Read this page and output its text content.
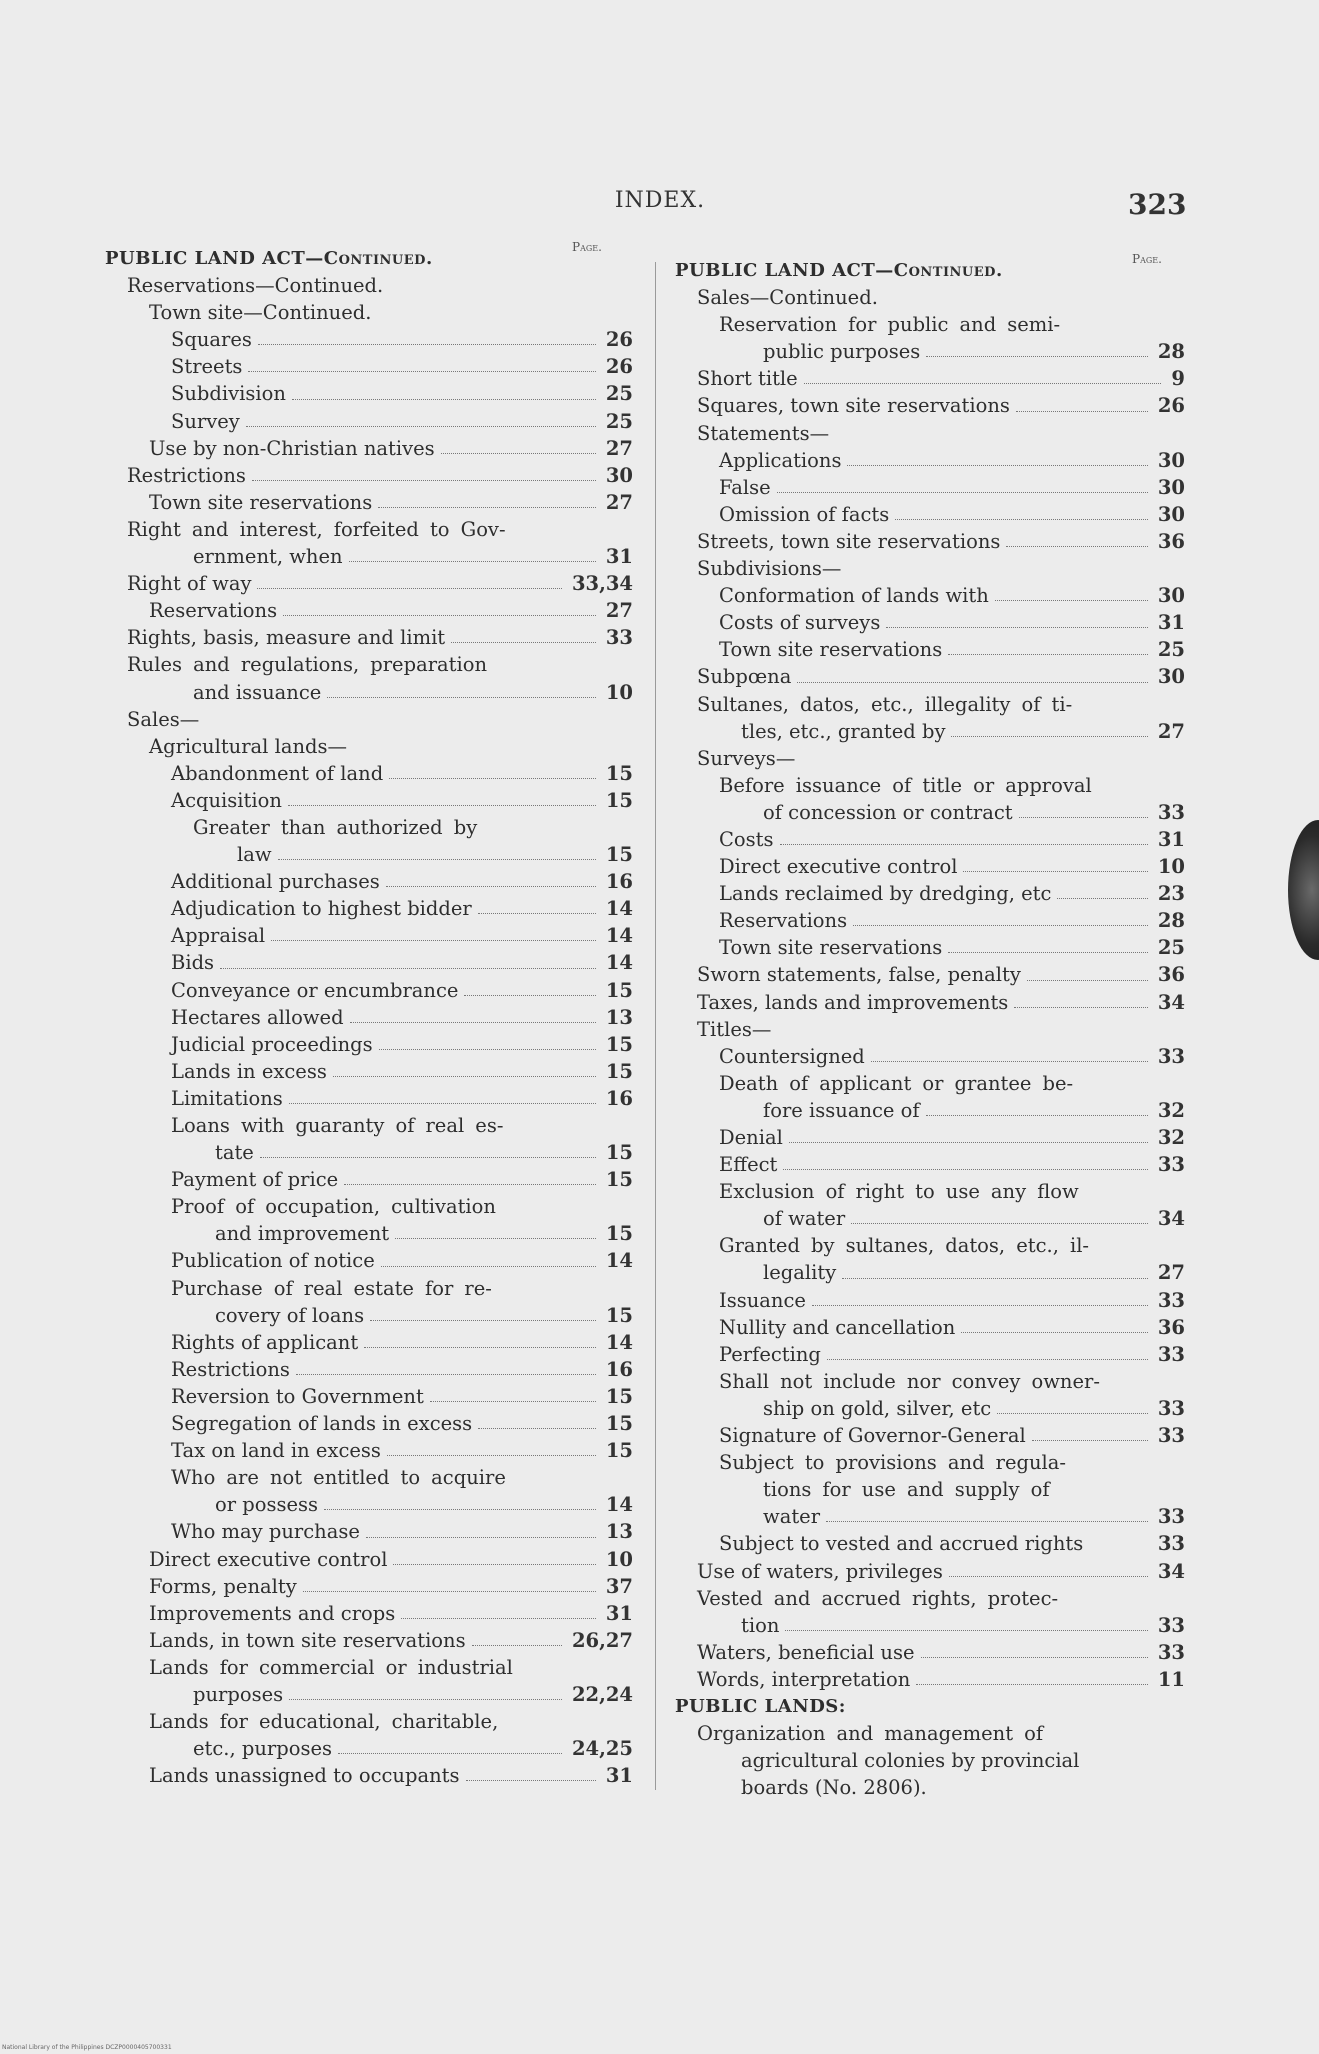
INDEX.	323
Page.
Page.
PUBLIC LAND ACT—Continued.
Reservations—Continued.
Town site—Continued.
Squares	26
Streets	26
Subdivision	25
Survey	25
Use by non-Christian natives	27
Restrictions	30
Town site reservations	27
Right and interest, forfeited to Gov-
ernment, when	31
Right of way	33,34
Reservations	27
Rights, basis, measure and limit	33
Rules and regulations, preparation
and issuance	10
Sales—
Agricultural lands—
Abandonment of land	15
Acquisition	15
Greater than authorized by
law	15
Additional purchases	16
Adjudication to highest bidder	14
Appraisal	14
Bids	14
Conveyance or encumbrance	15
Hectares allowed	13
Judicial proceedings	15
Lands in excess	15
Limitations	16
Loans with guaranty of real es-
tate	15
Payment of price	15
Proof of occupation, cultivation
and improvement	15
Publication of notice	14
Purchase of real estate for re-
covery of loans	15
Rights of applicant	14
Restrictions	16
Reversion to Government	15
Segregation of lands in excess	15
Tax on land in excess	15
Who are not entitled to acquire
or possess	14
Who may purchase	13
Direct executive control	10
Forms, penalty	37
Improvements and crops	31
Lands, in town site reservations	26,27
Lands for commercial or industrial
purposes	22,24
Lands for educational, charitable,
etc., purposes	24,25
Lands unassigned to occupants	31
PUBLIC LAND ACT—Continued.
Sales—Continued.
Reservation for public and semi-
public purposes	28
Short title	9
Squares, town site reservations	26
Statements—
Applications	30
False	30
Omission of facts	30
Streets, town site reservations	36
Subdivisions—
Conformation of lands with	30
Costs of surveys	31
Town site reservations	25
Subpœna	30
Sultanes, datos, etc., illegality of ti-
tles, etc., granted by	27
Surveys—
Before issuance of title or approval
of concession or contract	33
Costs	31
Direct executive control	10
Lands reclaimed by dredging, etc	23
Reservations	28
Town site reservations	25
Sworn statements, false, penalty	36
Taxes, lands and improvements	34
Titles—
Countersigned	33
Death of applicant or grantee be-
fore issuance of	32
Denial	32
Effect	33
Exclusion of right to use any flow
of water	34
Granted by sultanes, datos, etc., il-
legality	27
Issuance	33
Nullity and cancellation	36
Perfecting	33
Shall not include nor convey owner-
ship on gold, silver, etc	33
Signature of Governor-General	33
Subject to provisions and regula-
tions for use and supply of
water	33
Subject to vested and accrued rights	33
Use of waters, privileges	34
Vested and accrued rights, protec-
tion	33
Waters, beneficial use	33
Words, interpretation	11
PUBLIC LANDS:
Organization and management of
agricultural colonies by provincial
boards (No. 2806).
National Library of the Philippines DCZP0000405700331
